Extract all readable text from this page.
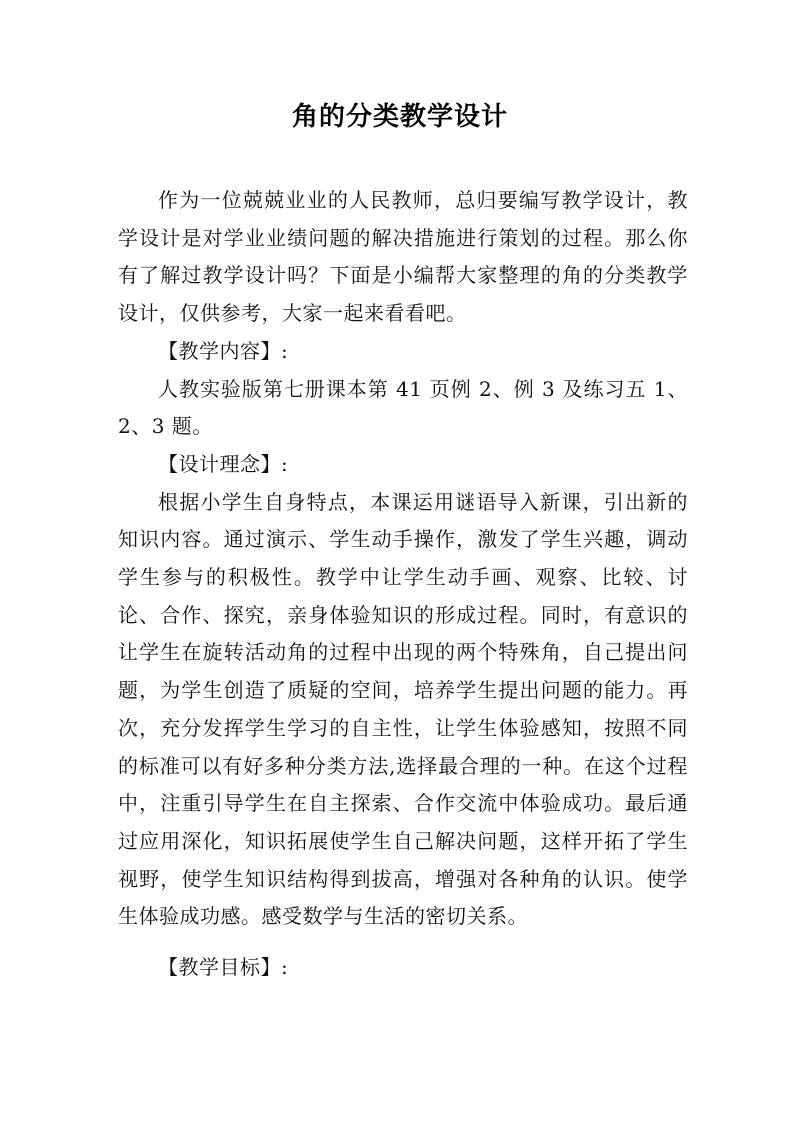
角的分类教学设计

作为一位兢兢业业的人民教师，总归要编写教学设计，教学设计是对学业业绩问题的解决措施进行策划的过程。那么你有了解过教学设计吗？下面是小编帮大家整理的角的分类教学设计，仅供参考，大家一起来看看吧。

【教学内容】:

人教实验版第七册课本第 41 页例 2、例 3 及练习五 1、2、3 题。

【设计理念】:

根据小学生自身特点，本课运用谜语导入新课，引出新的知识内容。通过演示、学生动手操作，激发了学生兴趣，调动学生参与的积极性。教学中让学生动手画、观察、比较、讨论、合作、探究，亲身体验知识的形成过程。同时，有意识的让学生在旋转活动角的过程中出现的两个特殊角，自己提出问题，为学生创造了质疑的空间，培养学生提出问题的能力。再次，充分发挥学生学习的自主性，让学生体验感知，按照不同的标准可以有好多种分类方法,选择最合理的一种。在这个过程中，注重引导学生在自主探索、合作交流中体验成功。最后通过应用深化，知识拓展使学生自己解决问题，这样开拓了学生视野，使学生知识结构得到拔高，增强对各种角的认识。使学生体验成功感。感受数学与生活的密切关系。

【教学目标】:
